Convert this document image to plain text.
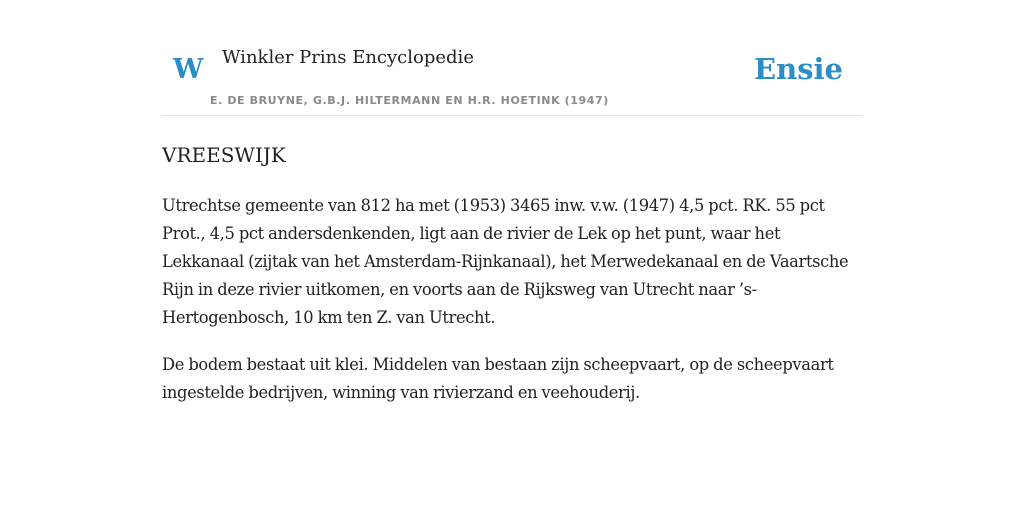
W Winkler Prins Encyclopedie
E. DE BRUYNE, G.B.J. HILTERMANN EN H.R. HOETINK (1947)
Ensie
VREESWIJK

Utrechtse gemeente van 812 ha met (1953) 3465 inw. v.w. (1947) 4,5 pct. RK. 55 pct Prot., 4,5 pct andersdenkenden, ligt aan de rivier de Lek op het punt, waar het Lekkanaal (zijtak van het Amsterdam-Rijnkanaal), het Merwedekanaal en de Vaartsche Rijn in deze rivier uitkomen, en voorts aan de Rijksweg van Utrecht naar ’s-Hertogenbosch, 10 km ten Z. van Utrecht.

De bodem bestaat uit klei. Middelen van bestaan zijn scheepvaart, op de scheepvaart ingestelde bedrijven, winning van rivierzand en veehouderij.
